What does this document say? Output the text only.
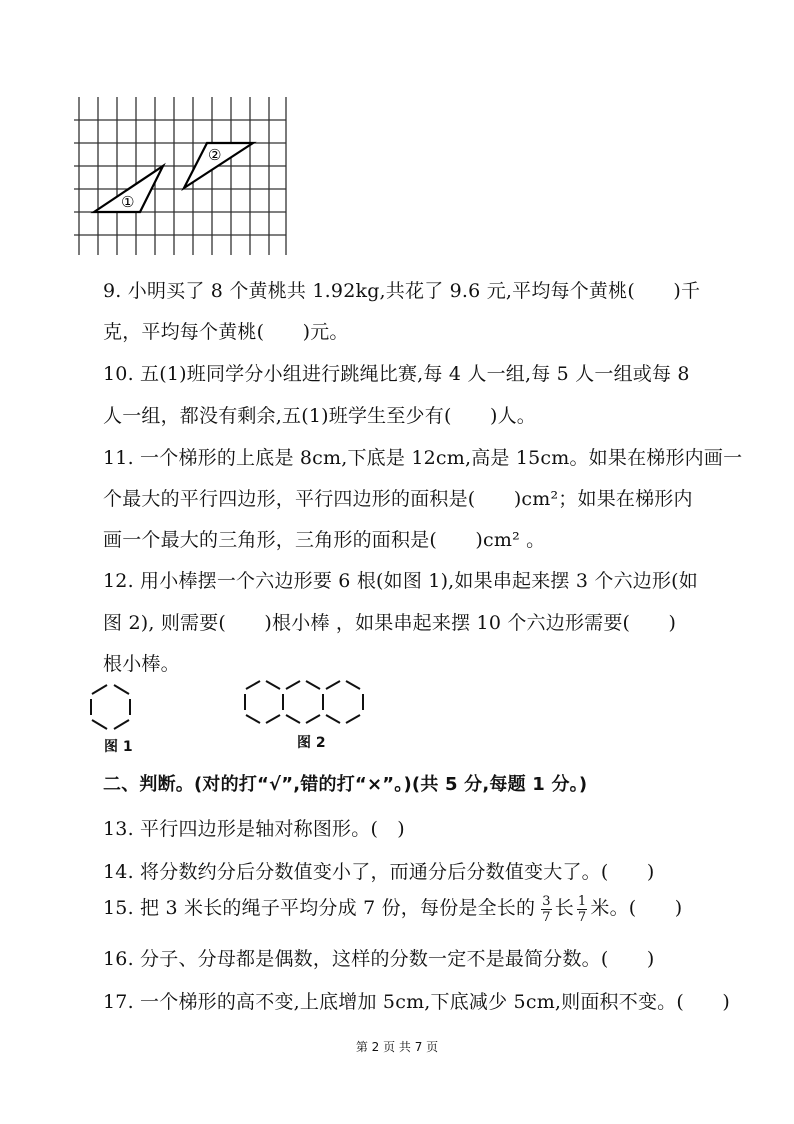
①
②
9. 小明买了 8 个黄桃共 1.92kg,共花了 9.6 元,平均每个黄桃(　　)千
克，平均每个黄桃(　　)元。
10. 五(1)班同学分小组进行跳绳比赛,每 4 人一组,每 5 人一组或每 8
人一组，都没有剩余,五(1)班学生至少有(　　)人。
11. 一个梯形的上底是 8cm,下底是 12cm,高是 15cm。如果在梯形内画一
个最大的平行四边形，平行四边形的面积是(　　)cm²；如果在梯形内
画一个最大的三角形，三角形的面积是(　　)cm² 。
12. 用小棒摆一个六边形要 6 根(如图 1),如果串起来摆 3 个六边形(如
图 2), 则需要(　　)根小棒 ，如果串起来摆 10 个六边形需要(　　)
根小棒。
图 1	图 2
二、判断。(对的打“√”,错的打“×”。)(共 5 分,每题 1 分。)
13. 平行四边形是轴对称图形。(　)
14. 将分数约分后分数值变小了，而通分后分数值变大了。(　　)
15. 把 3 米长的绳子平均分成 7 份，每份是全长的 $\frac{3}{7}$ 长 $\frac{1}{7}$ 米。(　　)
16. 分子、分母都是偶数，这样的分数一定不是最简分数。(　　)
17. 一个梯形的高不变,上底增加 5cm,下底减少 5cm,则面积不变。(　　)
第 2 页 共 7 页
